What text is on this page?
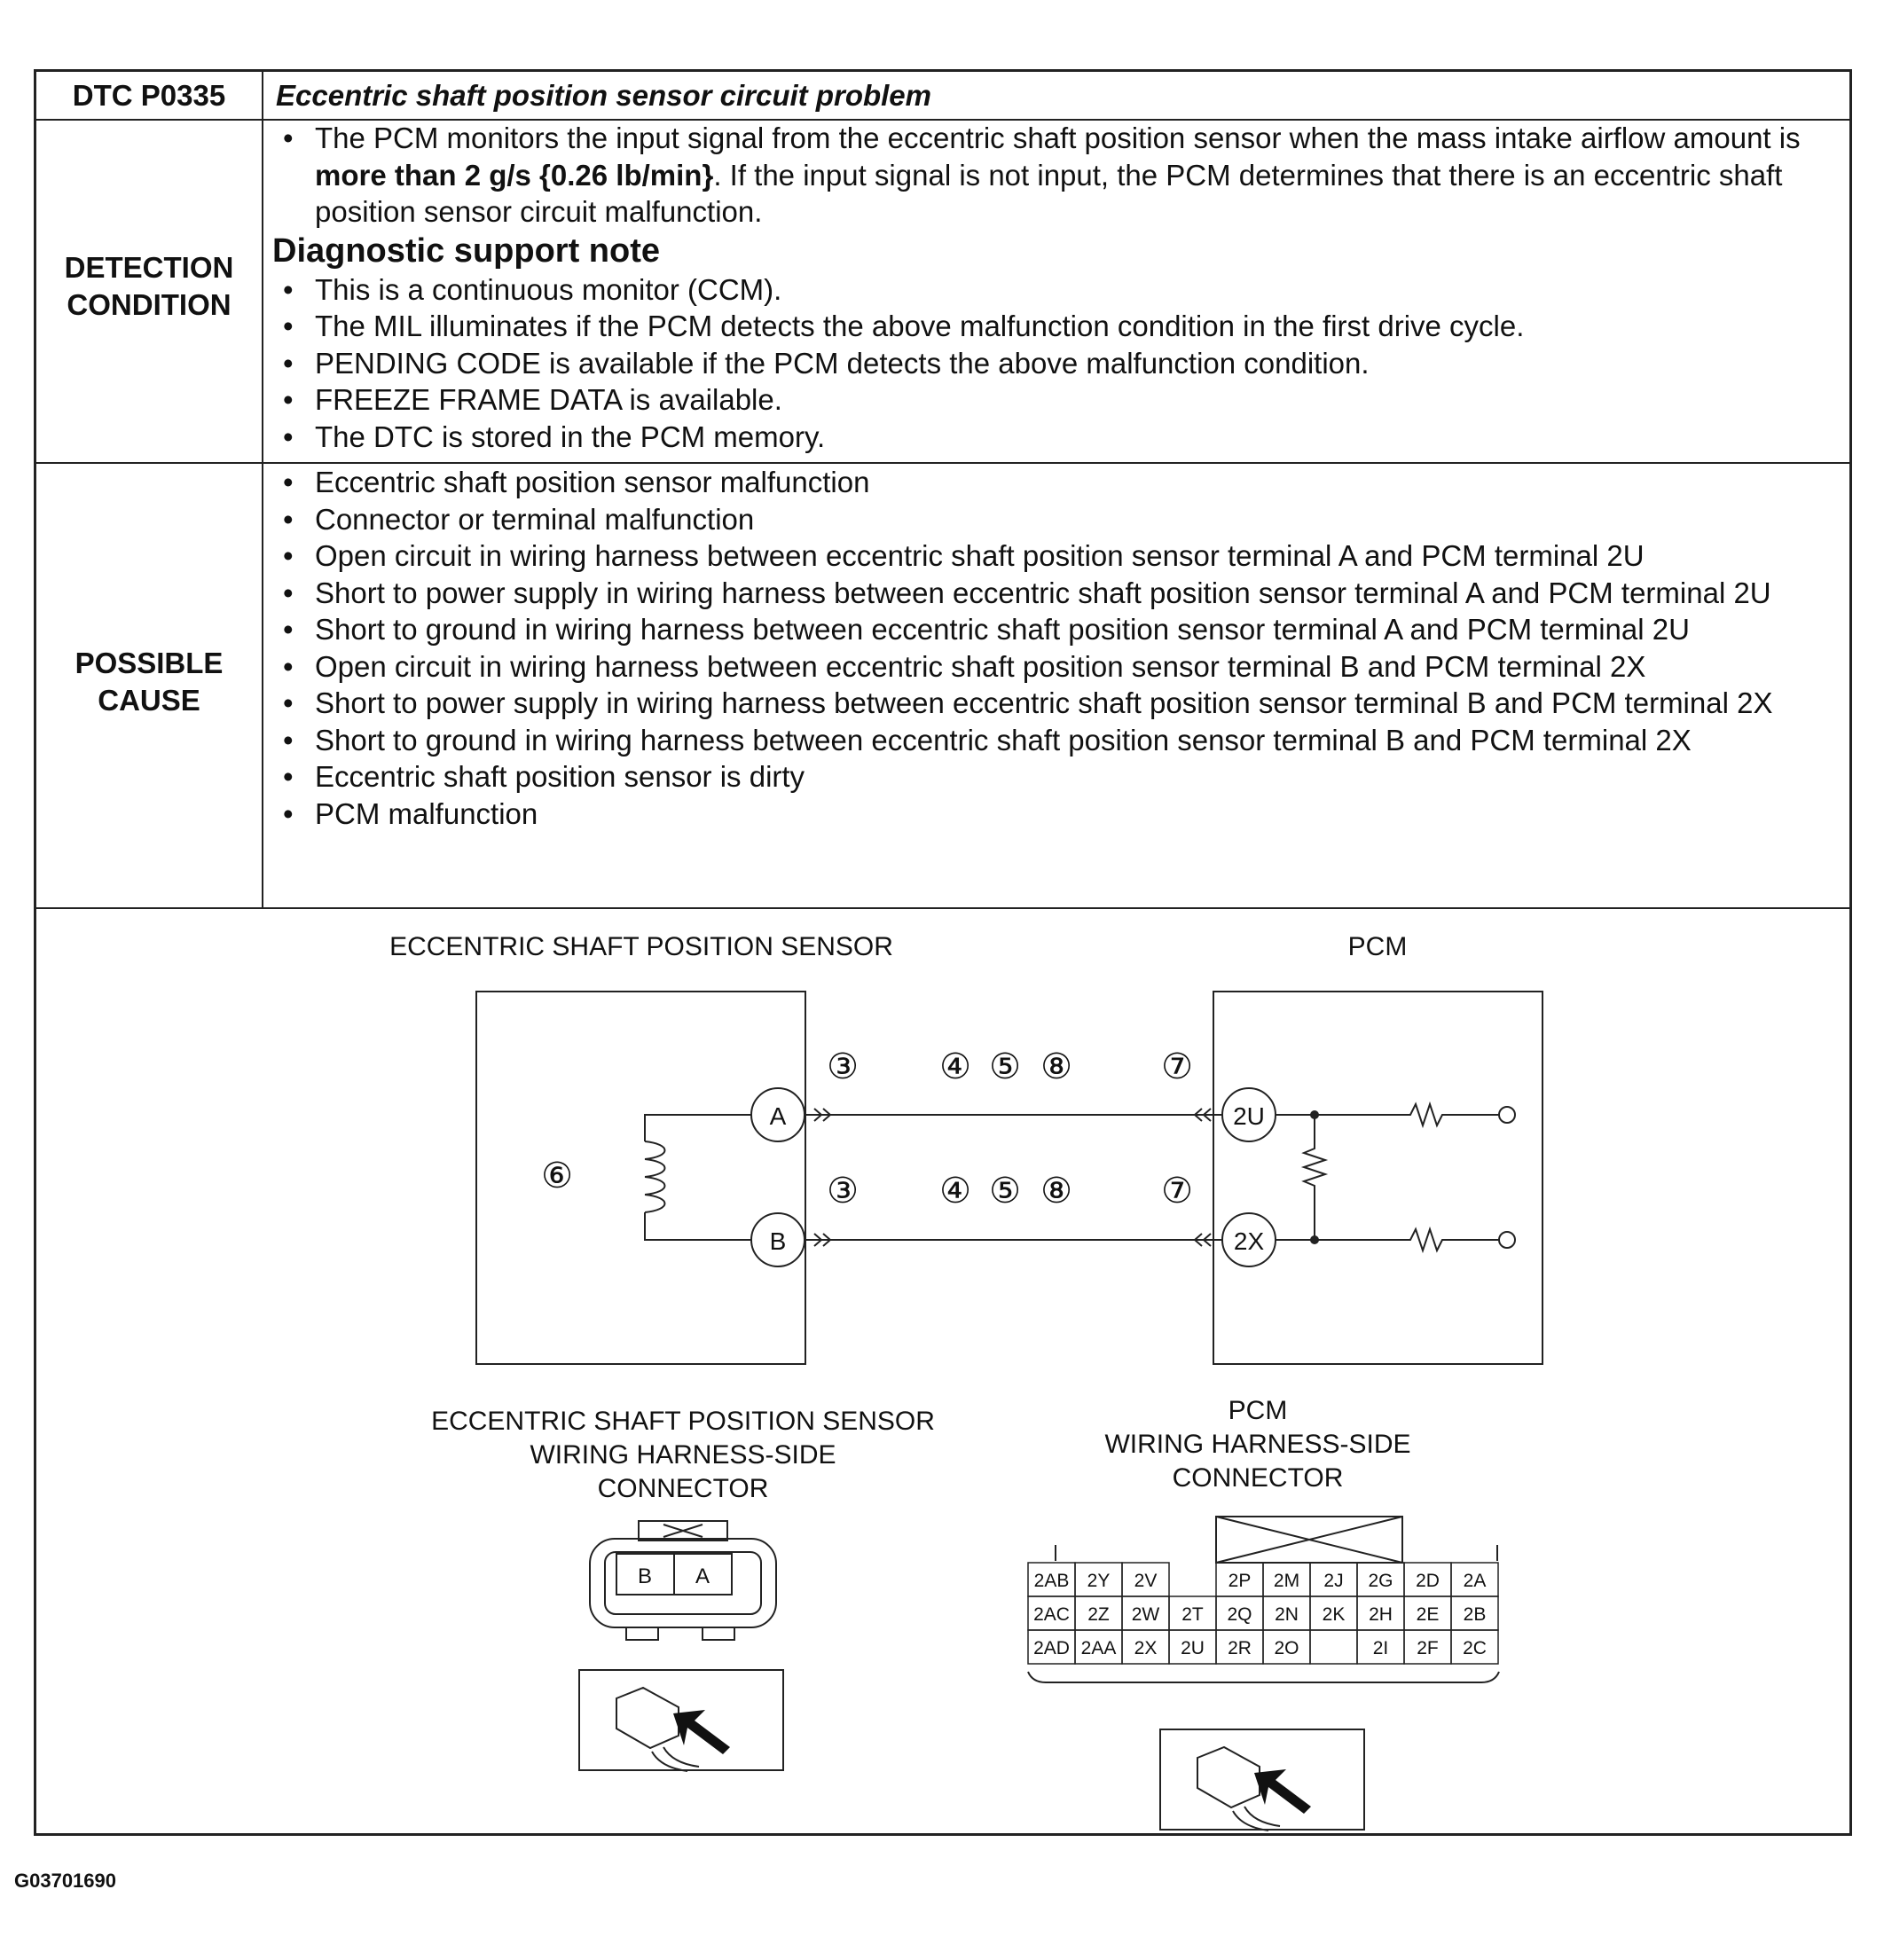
DTC P0335	Eccentric shaft position sensor circuit problem
DETECTION
CONDITION
• The PCM monitors the input signal from the eccentric shaft position sensor when the mass intake airflow amount is more than 2 g/s {0.26 lb/min}. If the input signal is not input, the PCM determines that there is an eccentric shaft position sensor circuit malfunction.
Diagnostic support note
• This is a continuous monitor (CCM).
• The MIL illuminates if the PCM detects the above malfunction condition in the first drive cycle.
• PENDING CODE is available if the PCM detects the above malfunction condition.
• FREEZE FRAME DATA is available.
• The DTC is stored in the PCM memory.
POSSIBLE
CAUSE
• Eccentric shaft position sensor malfunction
• Connector or terminal malfunction
• Open circuit in wiring harness between eccentric shaft position sensor terminal A and PCM terminal 2U
• Short to power supply in wiring harness between eccentric shaft position sensor terminal A and PCM terminal 2U
• Short to ground in wiring harness between eccentric shaft position sensor terminal A and PCM terminal 2U
• Open circuit in wiring harness between eccentric shaft position sensor terminal B and PCM terminal 2X
• Short to power supply in wiring harness between eccentric shaft position sensor terminal B and PCM terminal 2X
• Short to ground in wiring harness between eccentric shaft position sensor terminal B and PCM terminal 2X
• Eccentric shaft position sensor is dirty
• PCM malfunction
ECCENTRIC SHAFT POSITION SENSOR	PCM
A
B
2U
2X
③ ④ ⑤ ⑧	⑦
③ ④ ⑤ ⑧	⑦
⑥
ECCENTRIC SHAFT POSITION SENSOR
WIRING HARNESS-SIDE
CONNECTOR
B A
PCM
WIRING HARNESS-SIDE
CONNECTOR
2AB 2Y 2V	2P 2M 2J 2G 2D 2A
2AC 2Z 2W 2T 2Q 2N 2K 2H 2E 2B
2AD 2AA 2X 2U 2R 2O	2I 2F 2C
G03701690
